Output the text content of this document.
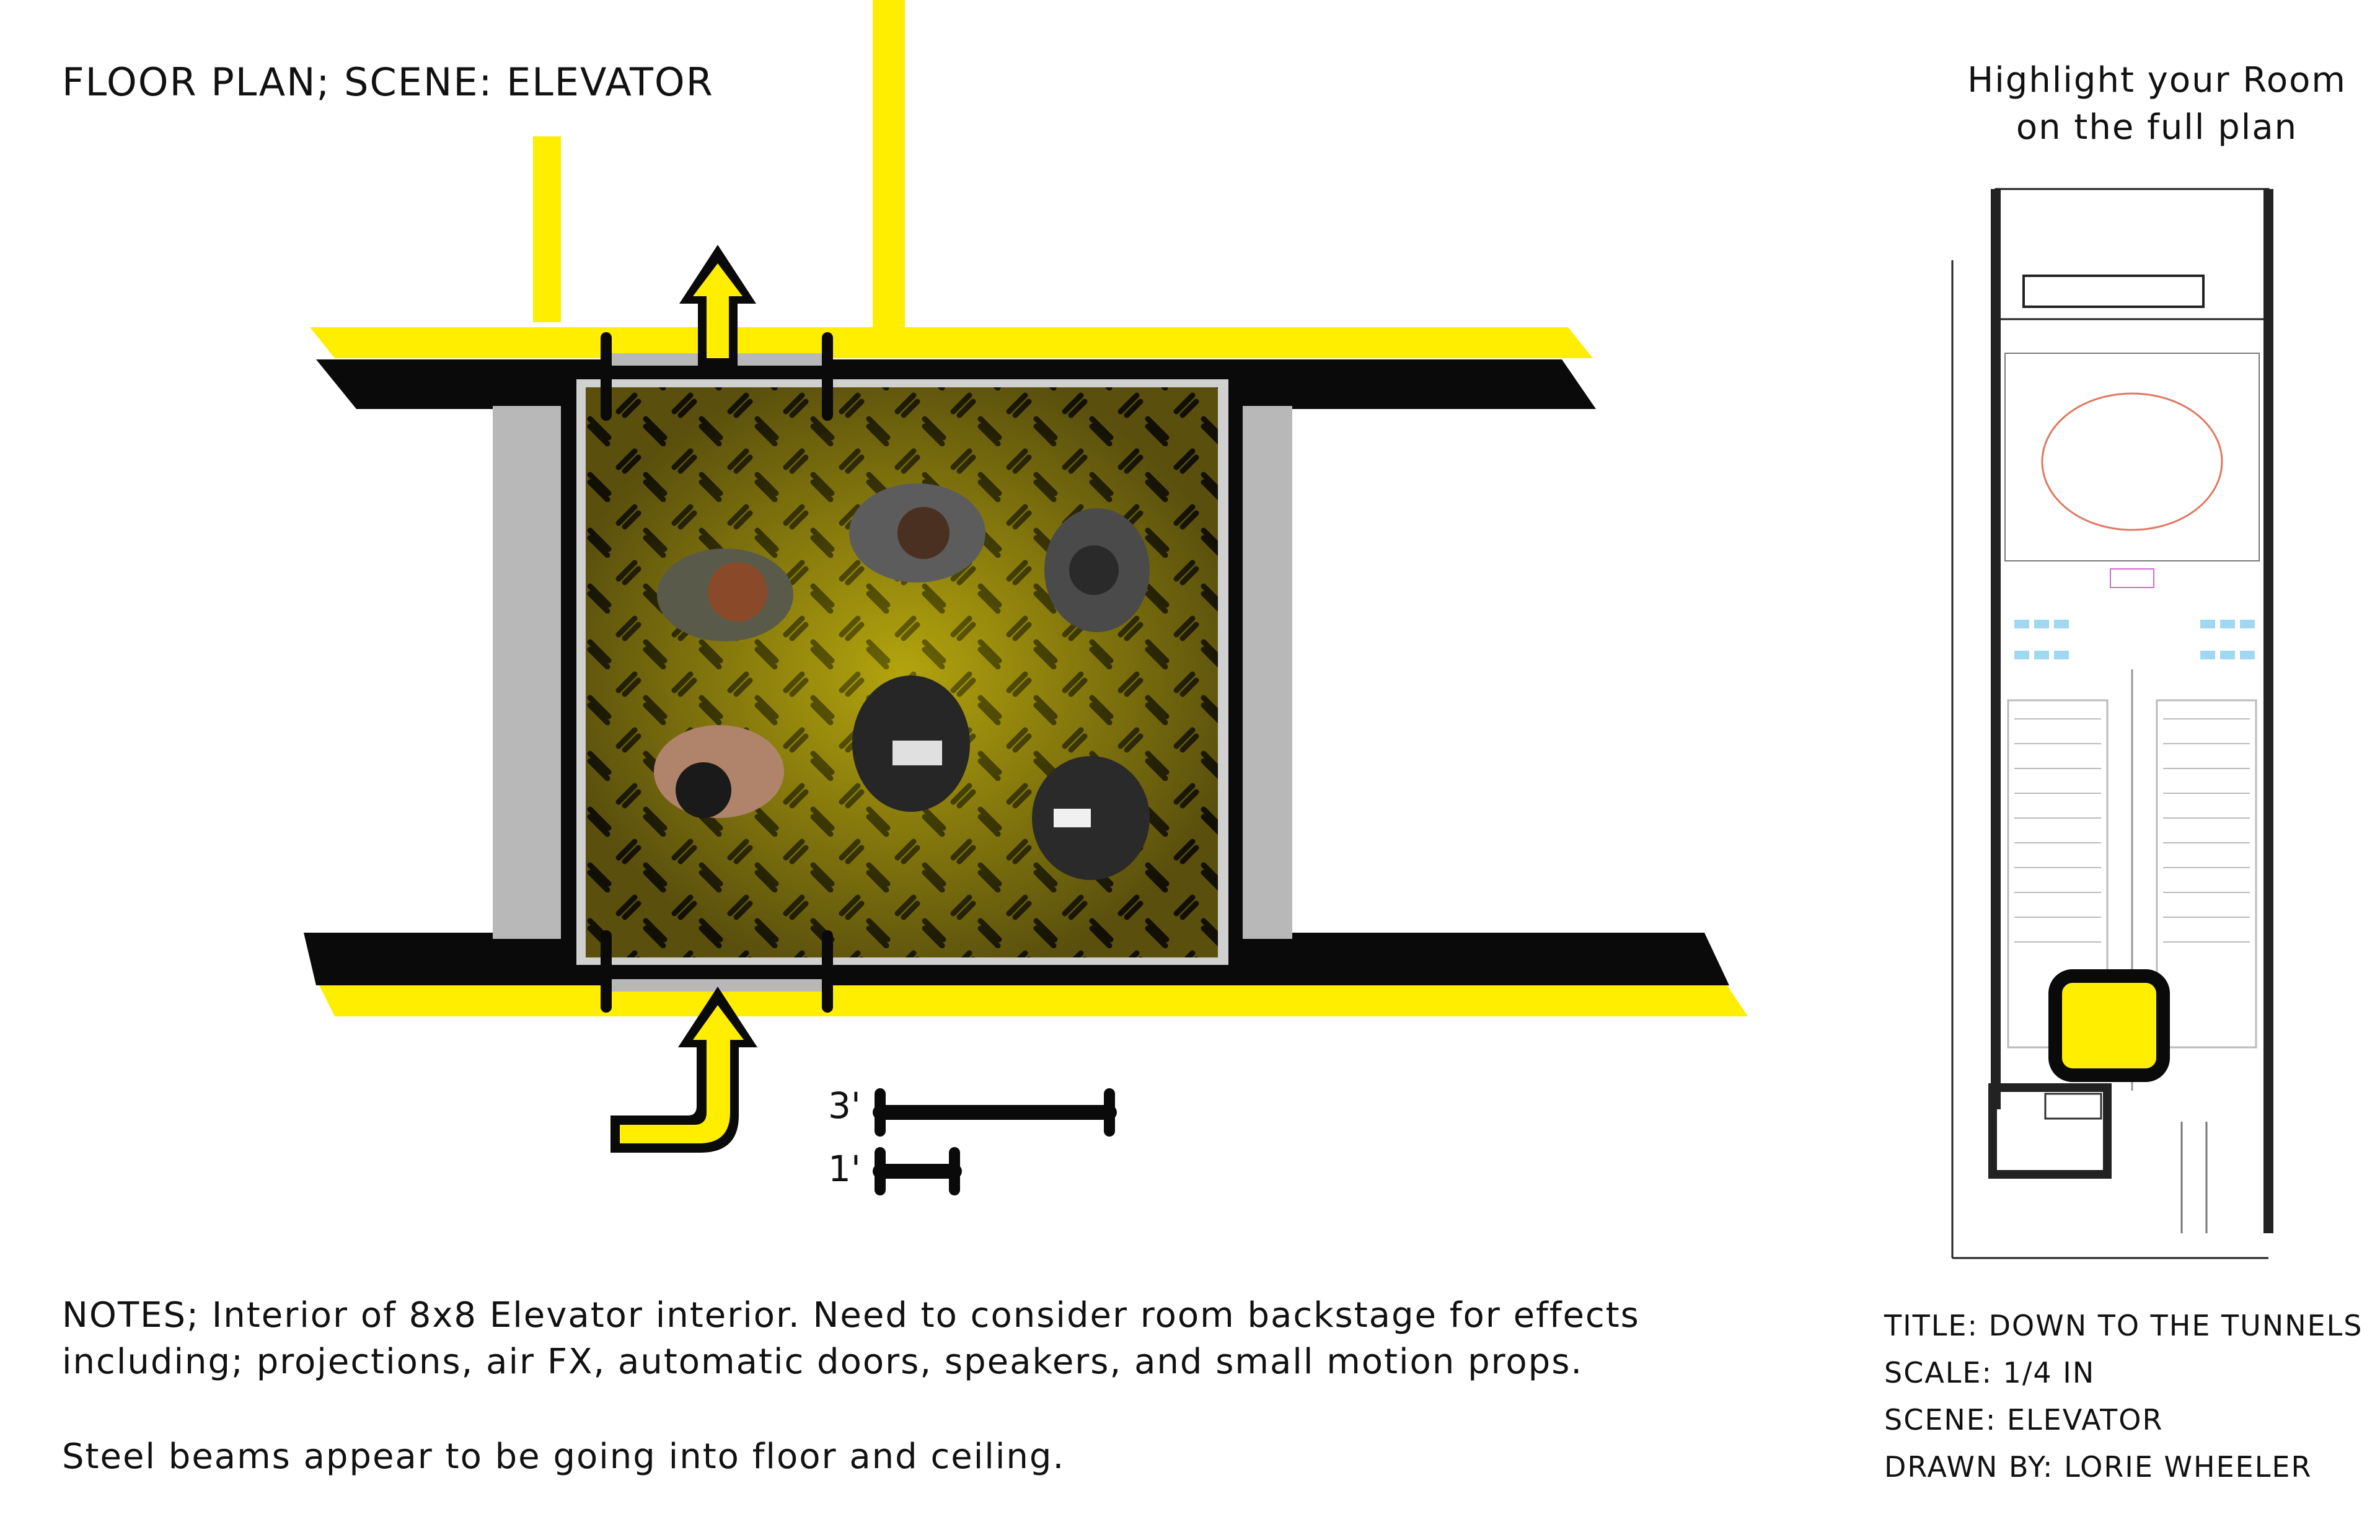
FLOOR PLAN; SCENE: ELEVATOR	Highlight your Room
on the full plan
3'
1'
NOTES; Interior of 8x8 Elevator interior. Need to consider room backstage for effects
including; projections, air FX, automatic doors, speakers, and small motion props.
Steel beams appear to be going into floor and ceiling.
TITLE: DOWN TO THE TUNNELS
SCALE: 1/4 IN
SCENE: ELEVATOR
DRAWN BY: LORIE WHEELER
